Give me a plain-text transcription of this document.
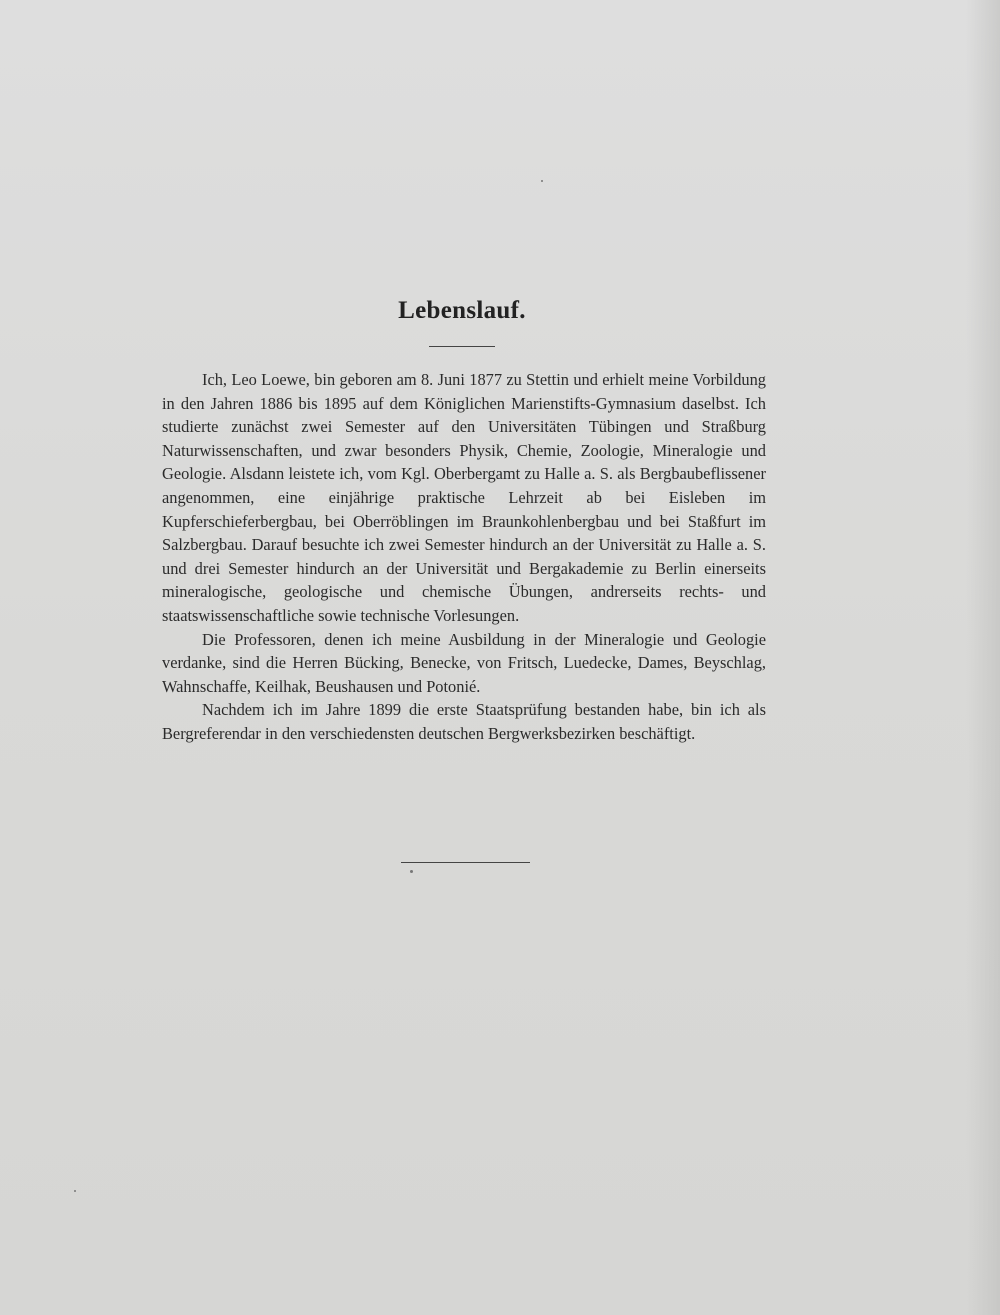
Lebenslauf.

Ich, Leo Loewe, bin geboren am 8. Juni 1877 zu Stettin und erhielt meine Vorbildung in den Jahren 1886 bis 1895 auf dem Königlichen Marienstifts-Gymnasium daselbst. Ich studierte zunächst zwei Semester auf den Universitäten Tübingen und Straßburg Naturwissenschaften, und zwar besonders Physik, Chemie, Zoologie, Mineralogie und Geologie. Alsdann leistete ich, vom Kgl. Oberbergamt zu Halle a. S. als Bergbaubeflissener angenommen, eine einjährige praktische Lehrzeit ab bei Eisleben im Kupferschieferbergbau, bei Oberröblingen im Braunkohlenbergbau und bei Staßfurt im Salzbergbau. Darauf besuchte ich zwei Semester hindurch an der Universität zu Halle a. S. und drei Semester hindurch an der Universität und Bergakademie zu Berlin einerseits mineralogische, geologische und chemische Übungen, andrerseits rechts- und staatswissenschaftliche sowie technische Vorlesungen.

Die Professoren, denen ich meine Ausbildung in der Mineralogie und Geologie verdanke, sind die Herren Bücking, Benecke, von Fritsch, Luedecke, Dames, Beyschlag, Wahnschaffe, Keilhak, Beushausen und Potonié.

Nachdem ich im Jahre 1899 die erste Staatsprüfung bestanden habe, bin ich als Bergreferendar in den verschiedensten deutschen Bergwerksbezirken beschäftigt.
